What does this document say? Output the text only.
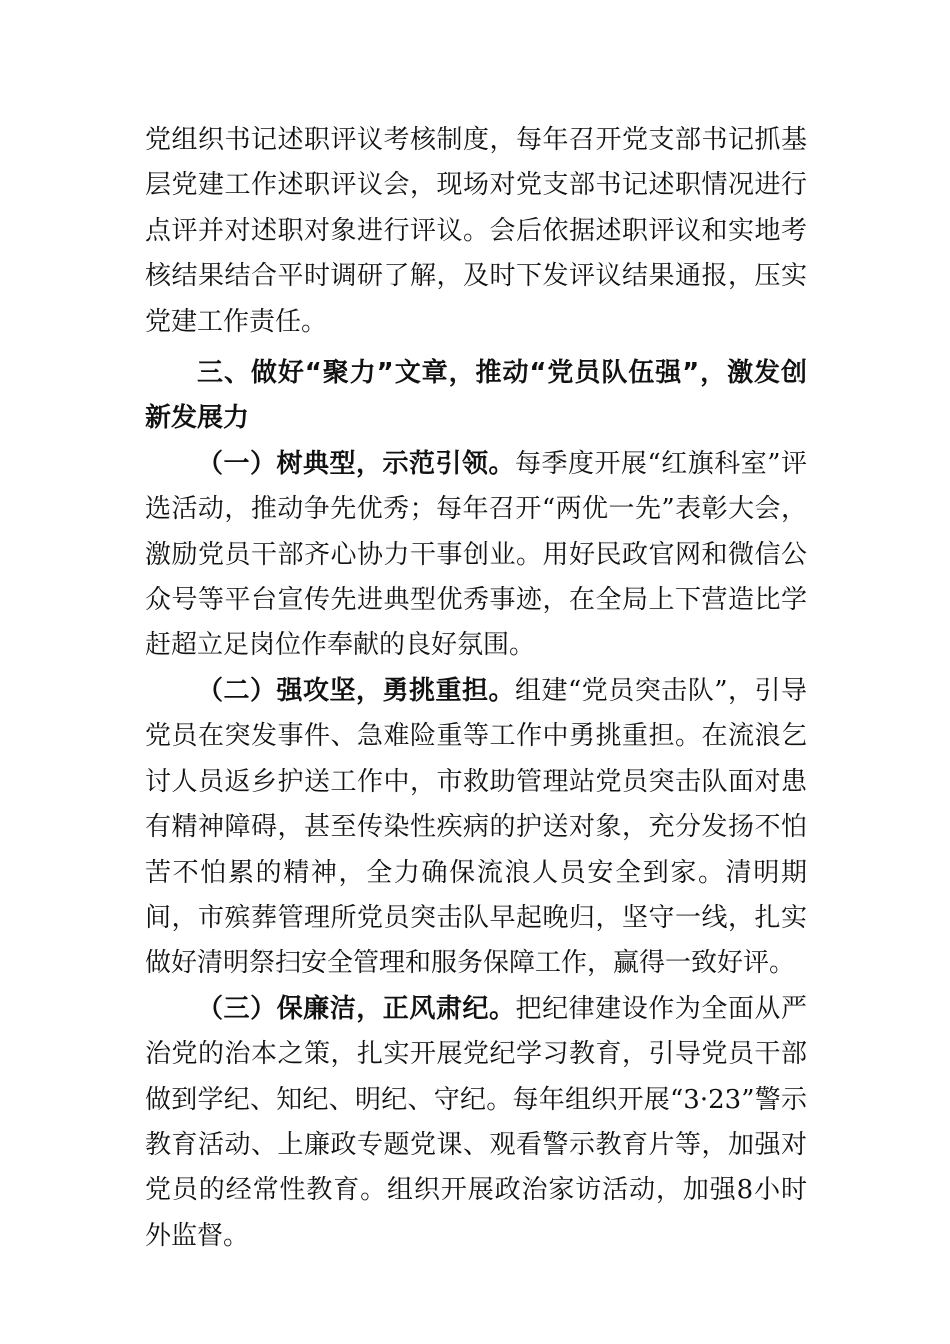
党组织书记述职评议考核制度，每年召开党支部书记抓基层党建工作述职评议会，现场对党支部书记述职情况进行点评并对述职对象进行评议。会后依据述职评议和实地考核结果结合平时调研了解，及时下发评议结果通报，压实党建工作责任。

三、做好“聚力”文章，推动“党员队伍强”，激发创新发展力

（一）树典型，示范引领。每季度开展“红旗科室”评选活动，推动争先优秀；每年召开“两优一先”表彰大会，激励党员干部齐心协力干事创业。用好民政官网和微信公众号等平台宣传先进典型优秀事迹，在全局上下营造比学赶超立足岗位作奉献的良好氛围。

（二）强攻坚，勇挑重担。组建“党员突击队”，引导党员在突发事件、急难险重等工作中勇挑重担。在流浪乞讨人员返乡护送工作中，市救助管理站党员突击队面对患有精神障碍，甚至传染性疾病的护送对象，充分发扬不怕苦不怕累的精神，全力确保流浪人员安全到家。清明期间，市殡葬管理所党员突击队早起晚归，坚守一线，扎实做好清明祭扫安全管理和服务保障工作，赢得一致好评。

（三）保廉洁，正风肃纪。把纪律建设作为全面从严治党的治本之策，扎实开展党纪学习教育，引导党员干部做到学纪、知纪、明纪、守纪。每年组织开展“3·23”警示教育活动、上廉政专题党课、观看警示教育片等，加强对党员的经常性教育。组织开展政治家访活动，加强8小时外监督。
